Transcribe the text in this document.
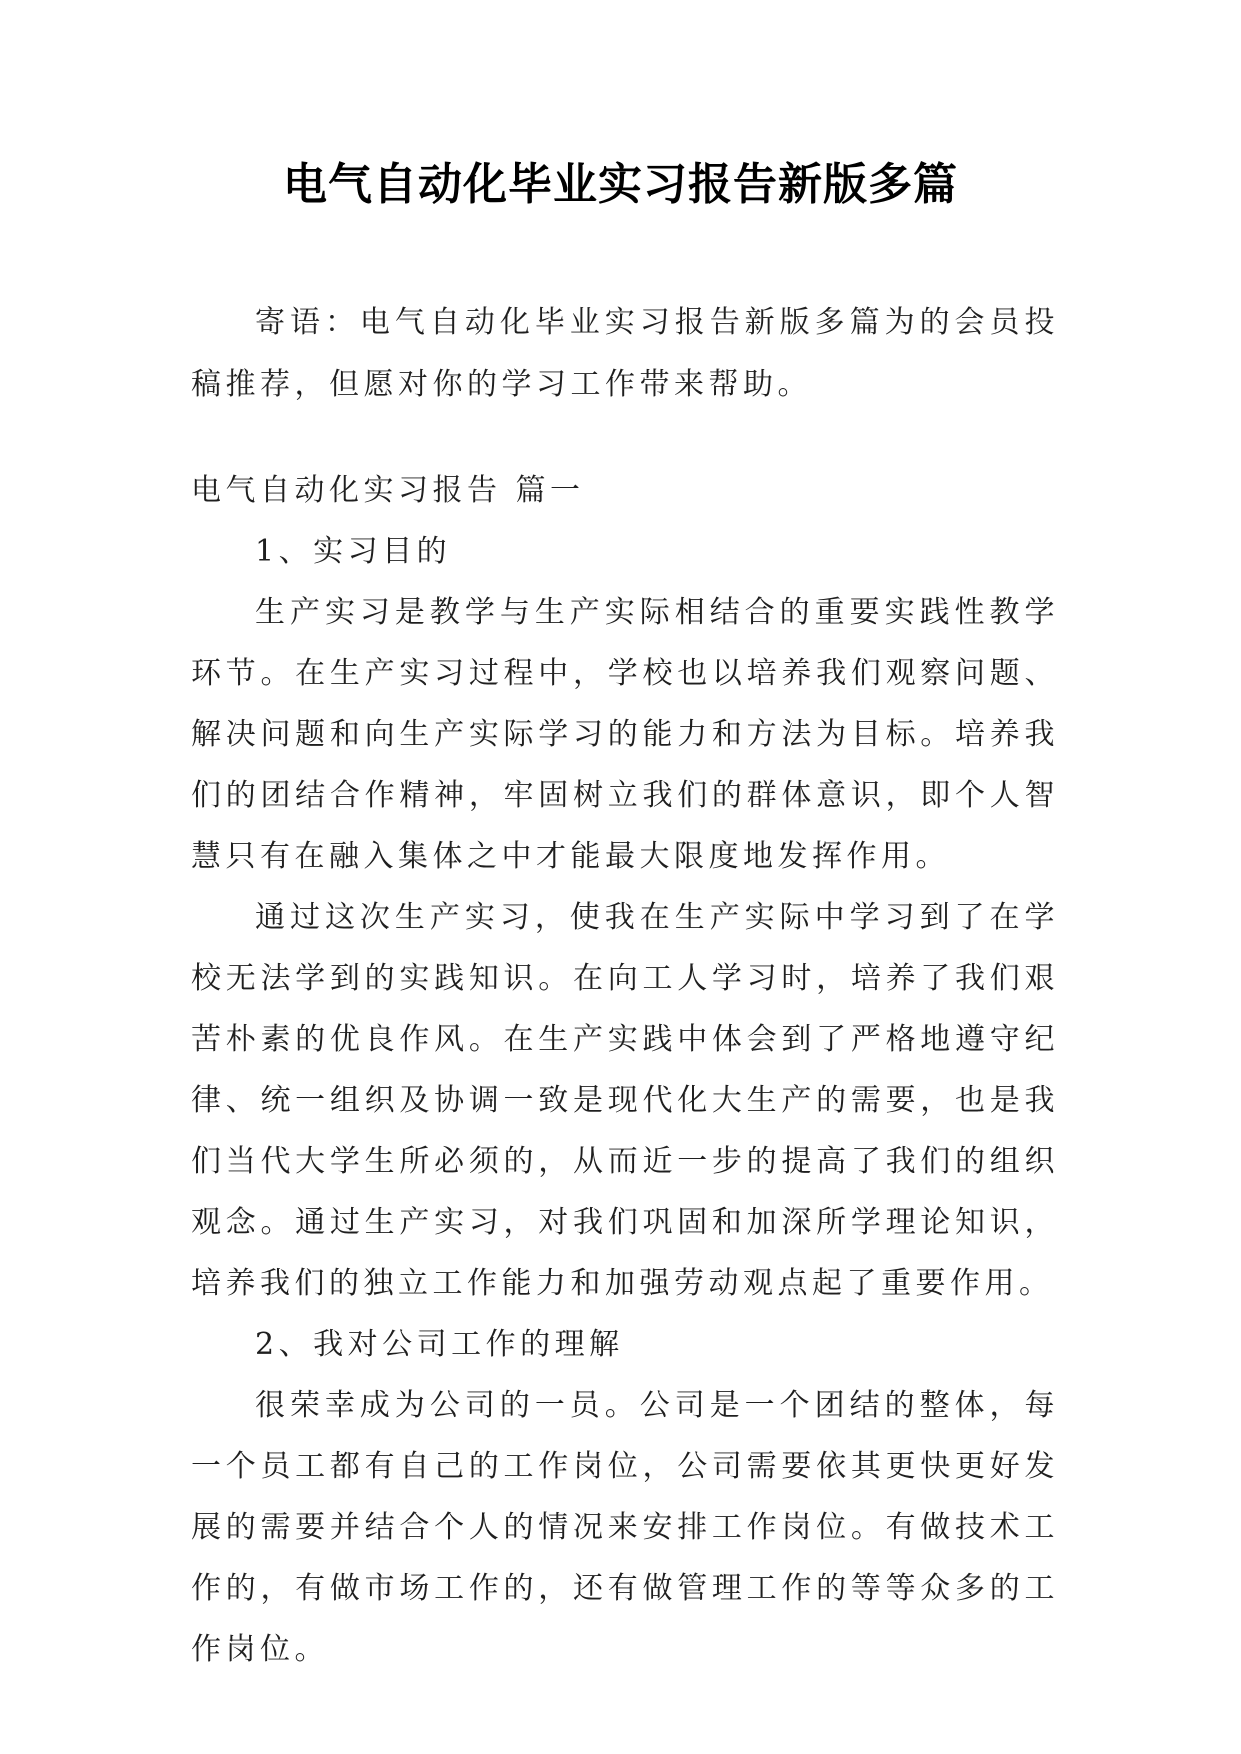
电气自动化毕业实习报告新版多篇

寄语：电气自动化毕业实习报告新版多篇为的会员投稿推荐，但愿对你的学习工作带来帮助。

电气自动化实习报告 篇一

1、实习目的

生产实习是教学与生产实际相结合的重要实践性教学环节。在生产实习过程中，学校也以培养我们观察问题、解决问题和向生产实际学习的能力和方法为目标。培养我们的团结合作精神，牢固树立我们的群体意识，即个人智慧只有在融入集体之中才能最大限度地发挥作用。

通过这次生产实习，使我在生产实际中学习到了在学校无法学到的实践知识。在向工人学习时，培养了我们艰苦朴素的优良作风。在生产实践中体会到了严格地遵守纪律、统一组织及协调一致是现代化大生产的需要，也是我们当代大学生所必须的，从而近一步的提高了我们的组织观念。通过生产实习，对我们巩固和加深所学理论知识，培养我们的独立工作能力和加强劳动观点起了重要作用。

2、我对公司工作的理解

很荣幸成为公司的一员。公司是一个团结的整体，每一个员工都有自己的工作岗位，公司需要依其更快更好发展的需要并结合个人的情况来安排工作岗位。有做技术工作的，有做市场工作的，还有做管理工作的等等众多的工作岗位。
